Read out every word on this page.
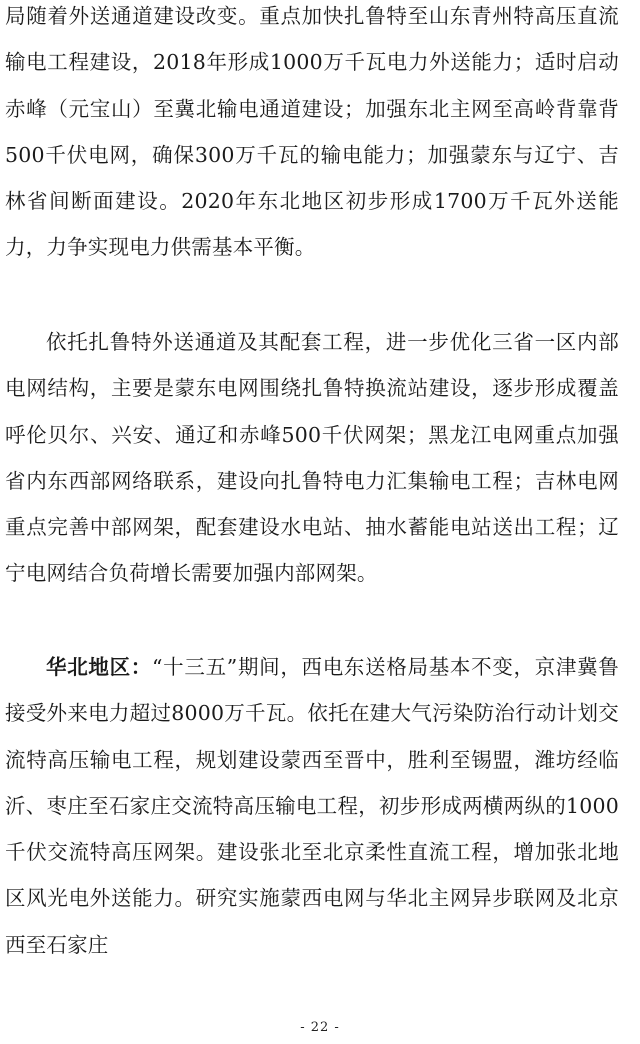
局随着外送通道建设改变。重点加快扎鲁特至山东青州特高压直流输电工程建设，2018年形成1000万千瓦电力外送能力；适时启动赤峰（元宝山）至冀北输电通道建设；加强东北主网至高岭背靠背500千伏电网，确保300万千瓦的输电能力；加强蒙东与辽宁、吉林省间断面建设。2020年东北地区初步形成1700万千瓦外送能力，力争实现电力供需基本平衡。

依托扎鲁特外送通道及其配套工程，进一步优化三省一区内部电网结构，主要是蒙东电网围绕扎鲁特换流站建设，逐步形成覆盖呼伦贝尔、兴安、通辽和赤峰500千伏网架；黑龙江电网重点加强省内东西部网络联系，建设向扎鲁特电力汇集输电工程；吉林电网重点完善中部网架，配套建设水电站、抽水蓄能电站送出工程；辽宁电网结合负荷增长需要加强内部网架。

华北地区：“十三五”期间，西电东送格局基本不变，京津冀鲁接受外来电力超过8000万千瓦。依托在建大气污染防治行动计划交流特高压输电工程，规划建设蒙西至晋中，胜利至锡盟，潍坊经临沂、枣庄至石家庄交流特高压输电工程，初步形成两横两纵的1000千伏交流特高压网架。建设张北至北京柔性直流工程，增加张北地区风光电外送能力。研究实施蒙西电网与华北主网异步联网及北京西至石家庄

- 22 -
